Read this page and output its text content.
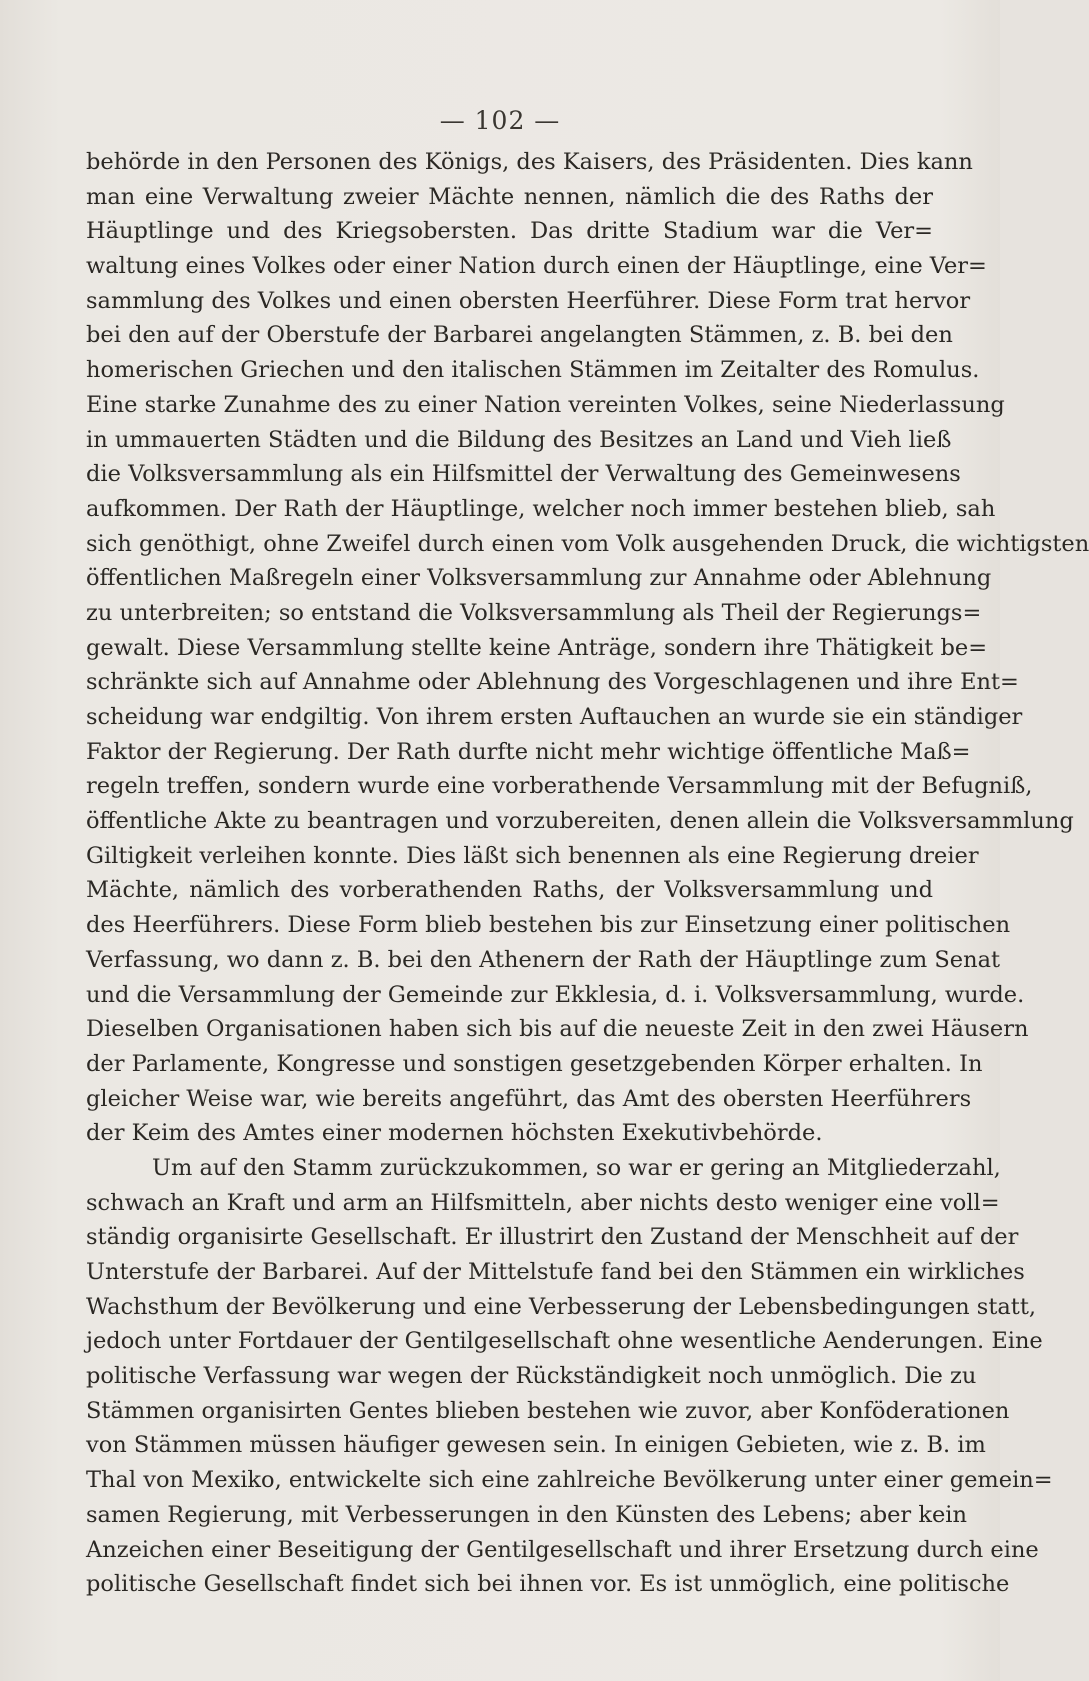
— 102 —
behörde in den Personen des Königs, des Kaisers, des Präsidenten. Dies kann
man eine Verwaltung zweier Mächte nennen, nämlich die des Raths der
Häuptlinge und des Kriegsobersten. Das dritte Stadium war die Ver=
waltung eines Volkes oder einer Nation durch einen der Häuptlinge, eine Ver=
sammlung des Volkes und einen obersten Heerführer. Diese Form trat hervor
bei den auf der Oberstufe der Barbarei angelangten Stämmen, z. B. bei den
homerischen Griechen und den italischen Stämmen im Zeitalter des Romulus.
Eine starke Zunahme des zu einer Nation vereinten Volkes, seine Niederlassung
in ummauerten Städten und die Bildung des Besitzes an Land und Vieh ließ
die Volksversammlung als ein Hilfsmittel der Verwaltung des Gemeinwesens
aufkommen. Der Rath der Häuptlinge, welcher noch immer bestehen blieb, sah
sich genöthigt, ohne Zweifel durch einen vom Volk ausgehenden Druck, die wichtigsten
öffentlichen Maßregeln einer Volksversammlung zur Annahme oder Ablehnung
zu unterbreiten; so entstand die Volksversammlung als Theil der Regierungs=
gewalt. Diese Versammlung stellte keine Anträge, sondern ihre Thätigkeit be=
schränkte sich auf Annahme oder Ablehnung des Vorgeschlagenen und ihre Ent=
scheidung war endgiltig. Von ihrem ersten Auftauchen an wurde sie ein ständiger
Faktor der Regierung. Der Rath durfte nicht mehr wichtige öffentliche Maß=
regeln treffen, sondern wurde eine vorberathende Versammlung mit der Befugniß,
öffentliche Akte zu beantragen und vorzubereiten, denen allein die Volksversammlung
Giltigkeit verleihen konnte. Dies läßt sich benennen als eine Regierung dreier
Mächte, nämlich des vorberathenden Raths, der Volksversammlung und
des Heerführers. Diese Form blieb bestehen bis zur Einsetzung einer politischen
Verfassung, wo dann z. B. bei den Athenern der Rath der Häuptlinge zum Senat
und die Versammlung der Gemeinde zur Ekklesia, d. i. Volksversammlung, wurde.
Dieselben Organisationen haben sich bis auf die neueste Zeit in den zwei Häusern
der Parlamente, Kongresse und sonstigen gesetzgebenden Körper erhalten. In
gleicher Weise war, wie bereits angeführt, das Amt des obersten Heerführers
der Keim des Amtes einer modernen höchsten Exekutivbehörde.
Um auf den Stamm zurückzukommen, so war er gering an Mitgliederzahl,
schwach an Kraft und arm an Hilfsmitteln, aber nichts desto weniger eine voll=
ständig organisirte Gesellschaft. Er illustrirt den Zustand der Menschheit auf der
Unterstufe der Barbarei. Auf der Mittelstufe fand bei den Stämmen ein wirkliches
Wachsthum der Bevölkerung und eine Verbesserung der Lebensbedingungen statt,
jedoch unter Fortdauer der Gentilgesellschaft ohne wesentliche Aenderungen. Eine
politische Verfassung war wegen der Rückständigkeit noch unmöglich. Die zu
Stämmen organisirten Gentes blieben bestehen wie zuvor, aber Konföderationen
von Stämmen müssen häufiger gewesen sein. In einigen Gebieten, wie z. B. im
Thal von Mexiko, entwickelte sich eine zahlreiche Bevölkerung unter einer gemein=
samen Regierung, mit Verbesserungen in den Künsten des Lebens; aber kein
Anzeichen einer Beseitigung der Gentilgesellschaft und ihrer Ersetzung durch eine
politische Gesellschaft findet sich bei ihnen vor. Es ist unmöglich, eine politische
